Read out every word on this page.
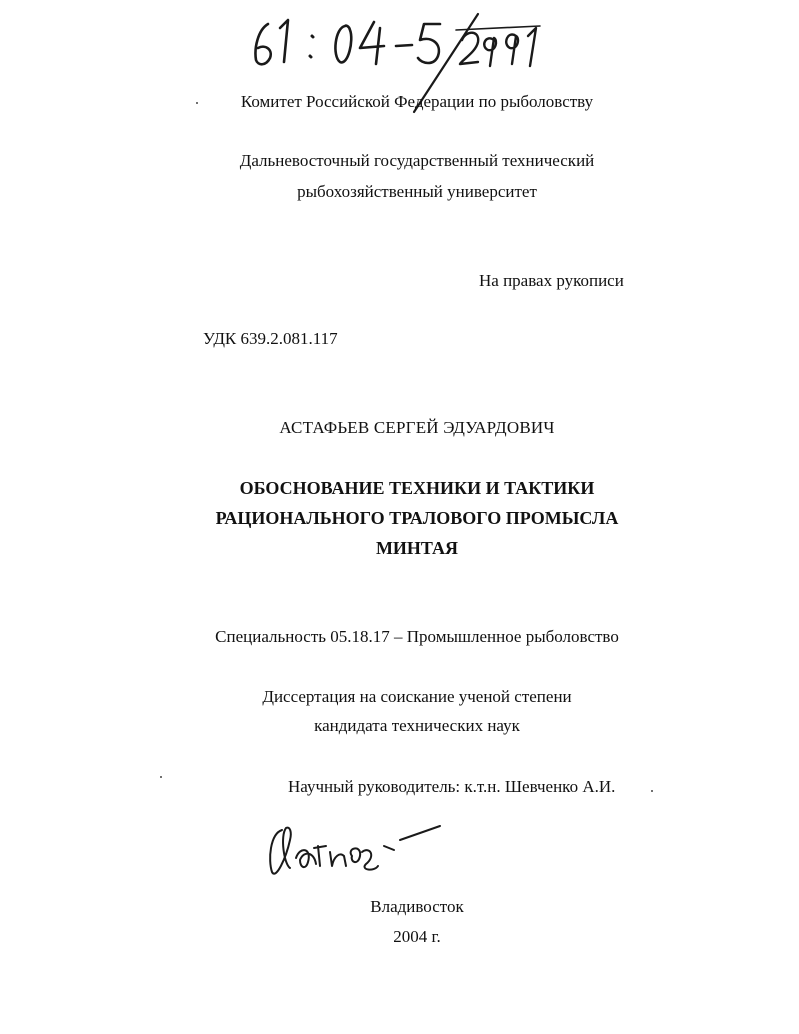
Комитет Российской Федерации по рыболовству
Дальневосточный государственный технический
рыбохозяйственный университет
На правах рукописи
УДК 639.2.081.117
АСТАФЬЕВ СЕРГЕЙ ЭДУАРДОВИЧ
ОБОСНОВАНИЕ ТЕХНИКИ И ТАКТИКИ
РАЦИОНАЛЬНОГО ТРАЛОВОГО ПРОМЫСЛА
МИНТАЯ
Специальность 05.18.17 – Промышленное рыболовство
Диссертация на соискание ученой степени
кандидата технических наук
Научный руководитель: к.т.н. Шевченко А.И.
Владивосток
2004 г.
